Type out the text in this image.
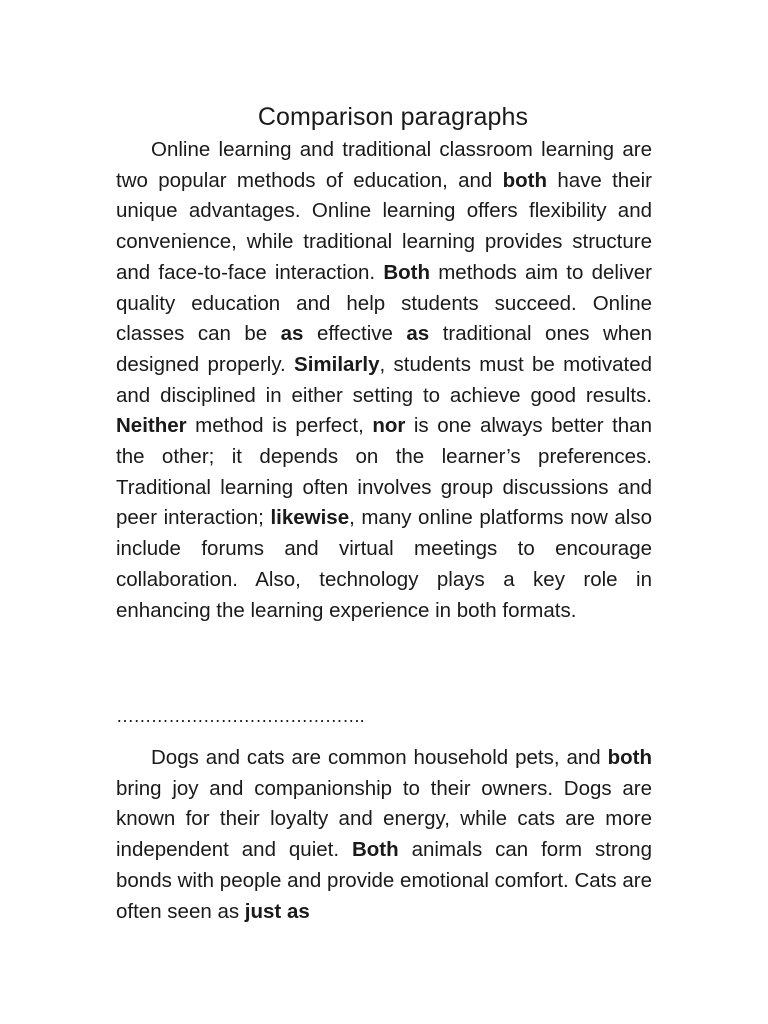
Comparison paragraphs

Online learning and traditional classroom learning are two popular methods of education, and both have their unique advantages. Online learning offers flexibility and convenience, while traditional learning provides structure and face-to-face interaction. Both methods aim to deliver quality education and help students succeed. Online classes can be as effective as traditional ones when designed properly. Similarly, students must be motivated and disciplined in either setting to achieve good results. Neither method is perfect, nor is one always better than the other; it depends on the learner’s preferences. Traditional learning often involves group discussions and peer interaction; likewise, many online platforms now also include forums and virtual meetings to encourage collaboration. Also, technology plays a key role in enhancing the learning experience in both formats.

…………………………………….

Dogs and cats are common household pets, and both bring joy and companionship to their owners. Dogs are known for their loyalty and energy, while cats are more independent and quiet. Both animals can form strong bonds with people and provide emotional comfort. Cats are often seen as just as
